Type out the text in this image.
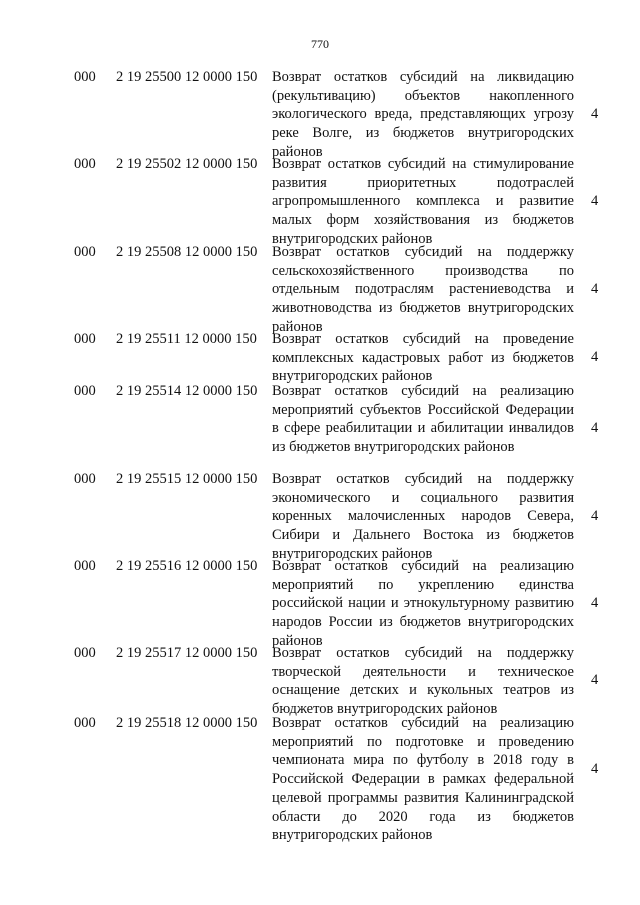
770
000 2 19 25500 12 0000 150 Возврат остатков субсидий на ликвидацию (рекультивацию) объектов накопленного экологического вреда, представляющих угрозу реке Волге, из бюджетов внутригородских районов
4
000 2 19 25502 12 0000 150 Возврат остатков субсидий на стимулирование развития приоритетных подотраслей агропромышленного комплекса и развитие малых форм хозяйствования из бюджетов внутригородских районов
4
000 2 19 25508 12 0000 150 Возврат остатков субсидий на поддержку сельскохозяйственного производства по отдельным подотраслям растениеводства и животноводства из бюджетов внутригородских районов
4
000 2 19 25511 12 0000 150 Возврат остатков субсидий на проведение комплексных кадастровых работ из бюджетов внутригородских районов
4
000 2 19 25514 12 0000 150 Возврат остатков субсидий на реализацию мероприятий субъектов Российской Федерации в сфере реабилитации и абилитации инвалидов из бюджетов внутригородских районов
4
000 2 19 25515 12 0000 150 Возврат остатков субсидий на поддержку экономического и социального развития коренных малочисленных народов Севера, Сибири и Дальнего Востока из бюджетов внутригородских районов
4
000 2 19 25516 12 0000 150 Возврат остатков субсидий на реализацию мероприятий по укреплению единства российской нации и этнокультурному развитию народов России из бюджетов внутригородских районов
4
000 2 19 25517 12 0000 150 Возврат остатков субсидий на поддержку творческой деятельности и техническое оснащение детских и кукольных театров из бюджетов внутригородских районов
4
000 2 19 25518 12 0000 150 Возврат остатков субсидий на реализацию мероприятий по подготовке и проведению чемпионата мира по футболу в 2018 году в Российской Федерации в рамках федеральной целевой программы развития Калининградской области до 2020 года из бюджетов внутригородских районов
4
